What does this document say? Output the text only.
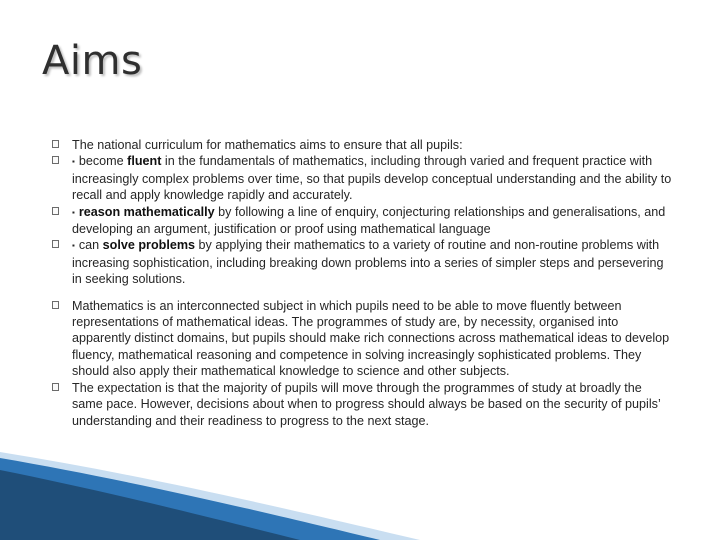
Aims

The national curriculum for mathematics aims to ensure that all pupils:

▪ become fluent in the fundamentals of mathematics, including through varied and frequent practice with increasingly complex problems over time, so that pupils develop conceptual understanding and the ability to recall and apply knowledge rapidly and accurately.

▪ reason mathematically by following a line of enquiry, conjecturing relationships and generalisations, and developing an argument, justification or proof using mathematical language

▪ can solve problems by applying their mathematics to a variety of routine and non-routine problems with increasing sophistication, including breaking down problems into a series of simpler steps and persevering in seeking solutions.

Mathematics is an interconnected subject in which pupils need to be able to move fluently between representations of mathematical ideas. The programmes of study are, by necessity, organised into apparently distinct domains, but pupils should make rich connections across mathematical ideas to develop fluency, mathematical reasoning and competence in solving increasingly sophisticated problems. They should also apply their mathematical knowledge to science and other subjects.

The expectation is that the majority of pupils will move through the programmes of study at broadly the same pace. However, decisions about when to progress should always be based on the security of pupils’ understanding and their readiness to progress to the next stage.
